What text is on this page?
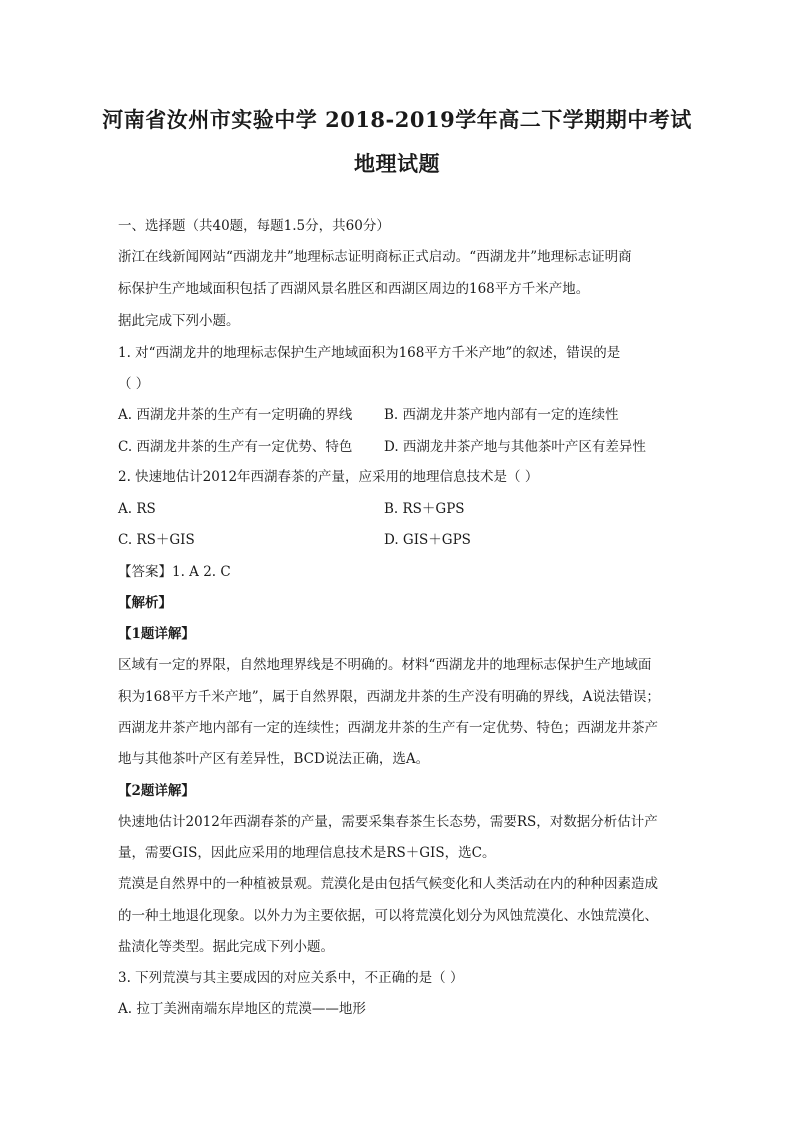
河南省汝州市实验中学 2018-2019学年高二下学期期中考试
地理试题
一、选择题（共40题，每题1.5分，共60分）
浙江在线新闻网站“西湖龙井”地理标志证明商标正式启动。“西湖龙井”地理标志证明商
标保护生产地域面积包括了西湖风景名胜区和西湖区周边的168平方千米产地。
据此完成下列小题。
1. 对“西湖龙井的地理标志保护生产地域面积为168平方千米产地”的叙述，错误的是
（ ）
A. 西湖龙井茶的生产有一定明确的界线 B. 西湖龙井茶产地内部有一定的连续性
C. 西湖龙井茶的生产有一定优势、特色 D. 西湖龙井茶产地与其他茶叶产区有差异性
2. 快速地估计2012年西湖春茶的产量，应采用的地理信息技术是（ ）
A. RS	B. RS＋GPS
C. RS＋GIS	D. GIS＋GPS
【答案】1. A 2. C
【解析】
【1题详解】
区域有一定的界限，自然地理界线是不明确的。材料“西湖龙井的地理标志保护生产地域面
积为168平方千米产地”，属于自然界限，西湖龙井茶的生产没有明确的界线，A说法错误；
西湖龙井茶产地内部有一定的连续性；西湖龙井茶的生产有一定优势、特色；西湖龙井茶产
地与其他茶叶产区有差异性，BCD说法正确，选A。
【2题详解】
快速地估计2012年西湖春茶的产量，需要采集春茶生长态势，需要RS，对数据分析估计产
量，需要GIS，因此应采用的地理信息技术是RS＋GIS，选C。
荒漠是自然界中的一种植被景观。荒漠化是由包括气候变化和人类活动在内的种种因素造成
的一种土地退化现象。以外力为主要依据，可以将荒漠化划分为风蚀荒漠化、水蚀荒漠化、
盐渍化等类型。据此完成下列小题。
3. 下列荒漠与其主要成因的对应关系中，不正确的是（ ）
A. 拉丁美洲南端东岸地区的荒漠——地形
